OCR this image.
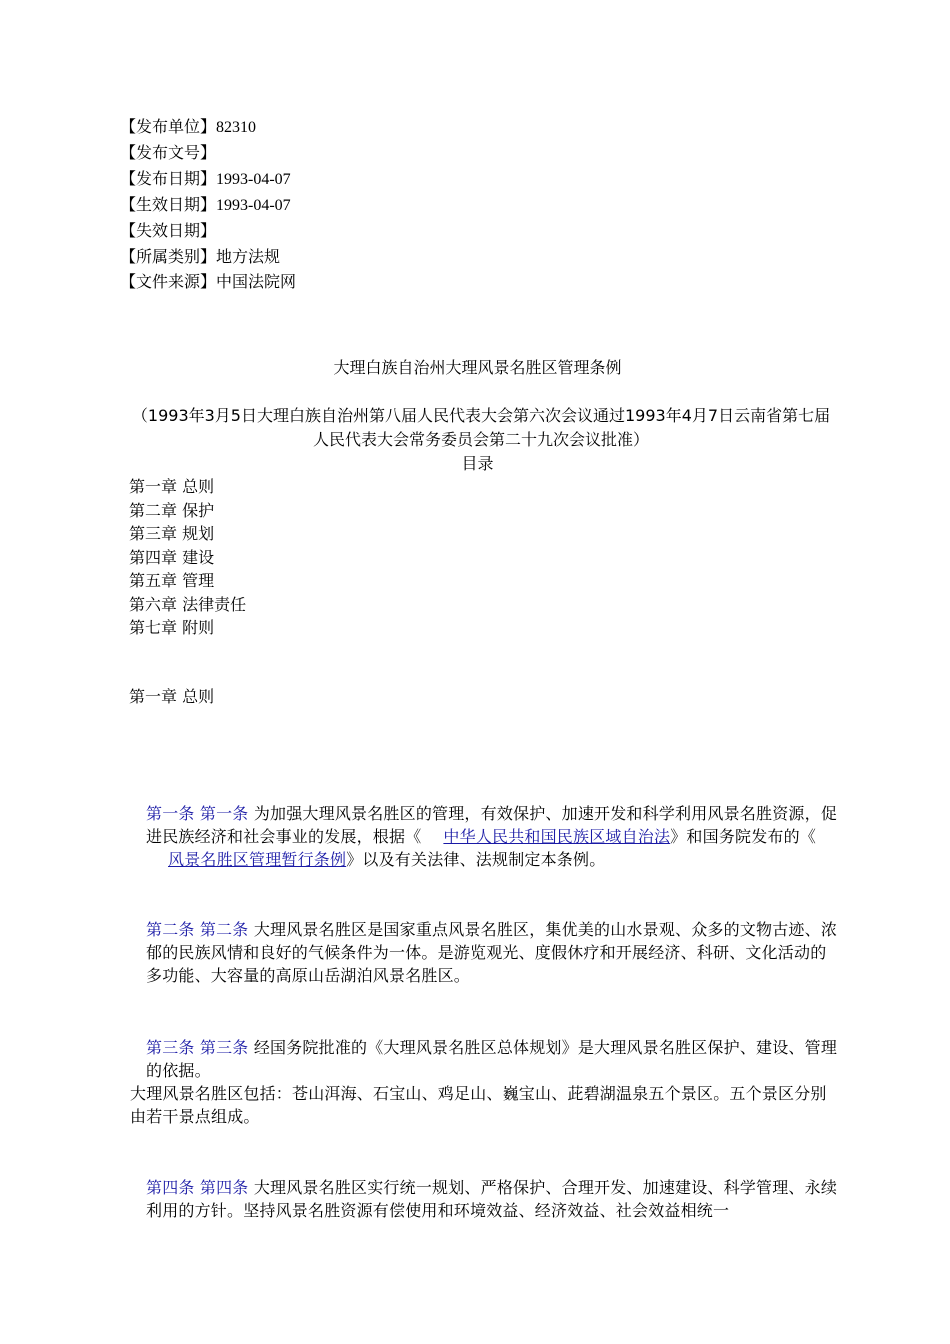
【发布单位】82310
【发布文号】
【发布日期】1993-04-07
【生效日期】1993-04-07
【失效日期】
【所属类别】地方法规
【文件来源】中国法院网
大理白族自治州大理风景名胜区管理条例
（1993年3月5日大理白族自治州第八届人民代表大会第六次会议通过1993年4月7日云南省第七届人民代表大会常务委员会第二十九次会议批准）
目录
第一章 总则
第二章 保护
第三章 规划
第四章 建设
第五章 管理
第六章 法律责任
第七章 附则
第一章 总则

第一条 第一条 为加强大理风景名胜区的管理，有效保护、加速开发和科学利用风景名胜资源，促进民族经济和社会事业的发展，根据《 中华人民共和国民族区域自治法》和国务院发布的《风景名胜区管理暂行条例》以及有关法律、法规制定本条例。

第二条 第二条 大理风景名胜区是国家重点风景名胜区，集优美的山水景观、众多的文物古迹、浓郁的民族风情和良好的气候条件为一体。是游览观光、度假休疗和开展经济、科研、文化活动的多功能、大容量的高原山岳湖泊风景名胜区。

第三条 第三条 经国务院批准的《大理风景名胜区总体规划》是大理风景名胜区保护、建设、管理的依据。

大理风景名胜区包括：苍山洱海、石宝山、鸡足山、巍宝山、茈碧湖温泉五个景区。五个景区分别由若干景点组成。

第四条 第四条 大理风景名胜区实行统一规划、严格保护、合理开发、加速建设、科学管理、永续利用的方针。坚持风景名胜资源有偿使用和环境效益、经济效益、社会效益相统一
